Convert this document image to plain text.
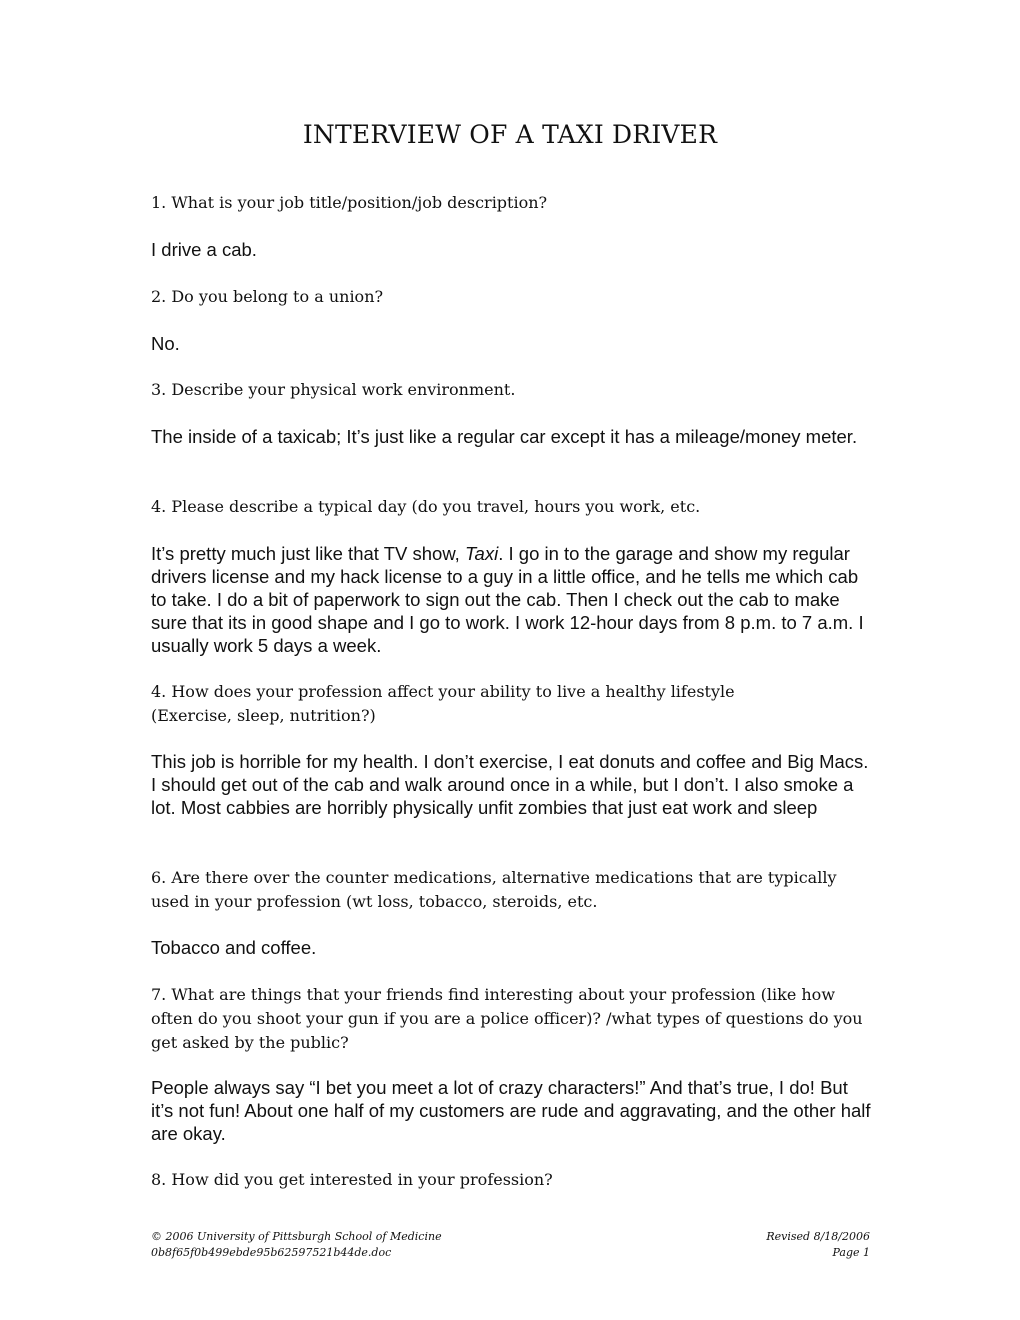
INTERVIEW OF A TAXI DRIVER

1. What is your job title/position/job description?

I drive a cab.

2. Do you belong to a union?

No.

3. Describe your physical work environment.

The inside of a taxicab; It’s just like a regular car except it has a mileage/money meter.

4. Please describe a typical day (do you travel, hours you work, etc.

It’s pretty much just like that TV show, Taxi. I go in to the garage and show my regular drivers license and my hack license to a guy in a little office, and he tells me which cab to take. I do a bit of paperwork to sign out the cab. Then I check out the cab to make sure that its in good shape and I go to work. I work 12-hour days from 8 p.m. to 7 a.m. I usually work 5 days a week.

4. How does your profession affect your ability to live a healthy lifestyle
(Exercise, sleep, nutrition?)

This job is horrible for my health. I don’t exercise, I eat donuts and coffee and Big Macs. I should get out of the cab and walk around once in a while, but I don’t. I also smoke a lot. Most cabbies are horribly physically unfit zombies that just eat work and sleep

6. Are there over the counter medications, alternative medications that are typically used in your profession (wt loss, tobacco, steroids, etc.

Tobacco and coffee.

7. What are things that your friends find interesting about your profession (like how often do you shoot your gun if you are a police officer)? /what types of questions do you get asked by the public?

People always say “I bet you meet a lot of crazy characters!” And that’s true, I do! But it’s not fun! About one half of my customers are rude and aggravating, and the other half are okay.

8. How did you get interested in your profession?

© 2006 University of Pittsburgh School of Medicine	Revised 8/18/2006
0b8f65f0b499ebde95b62597521b44de.doc	Page 1
